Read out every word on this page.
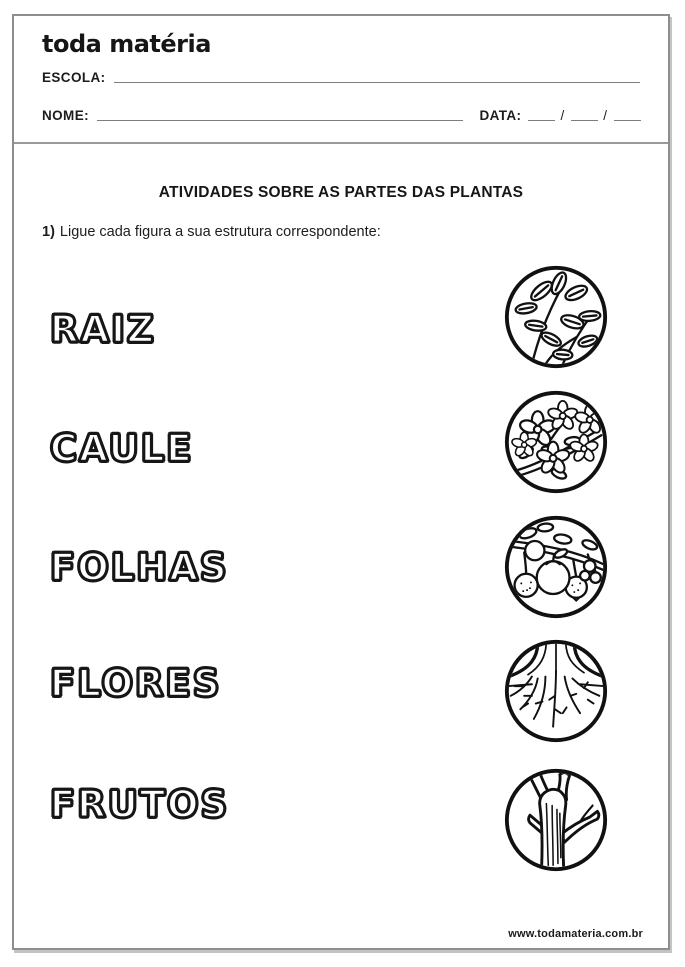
toda matéria
ESCOLA:
NOME:	DATA:	/	/
ATIVIDADES SOBRE AS PARTES DAS PLANTAS
1) Ligue cada figura a sua estrutura correspondente:
RAIZ
CAULE
FOLHAS
FLORES
FRUTOS
www.todamateria.com.br
